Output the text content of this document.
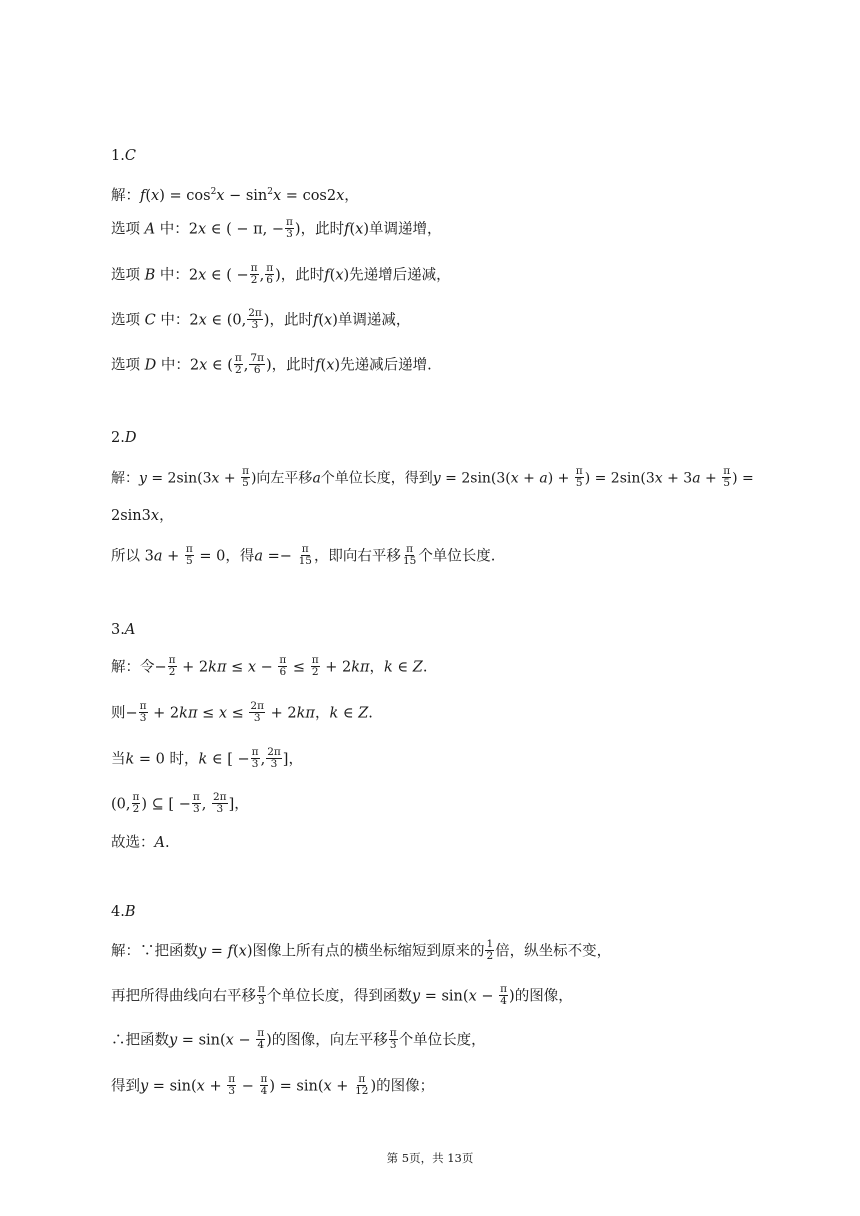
1.C
解：$f(x) = \cos^2x - \sin^2x = \cos 2x$，
选项 A 中：2x ∈ ( − π, − $\frac{\pi}{3}$ )，此时f(x)单调递增，
选项 B 中：2x ∈ ( − $\frac{\pi}{2}$ , $\frac{\pi}{6}$ )，此时f(x)先递增后递减，
选项 C 中：2x ∈ (0, $\frac{2\pi}{3}$ )，此时f(x)单调递减，
选项 D 中：2x ∈ ( $\frac{\pi}{2}$ , $\frac{7\pi}{6}$ )，此时f(x)先递减后递增.
2.D
解：$y = 2\sin(3x + \frac{\pi}{5}$ )向左平移a个单位长度，得到$y = 2\sin(3(x + a) + \frac{\pi}{5}$ ) = $2\sin(3x + 3a + \frac{\pi}{5}$ ) =
2sin3x，
所以 $3a + \frac{\pi}{5} = 0$，得$a =- \frac{\pi}{15}$ ，即向右平移 $\frac{\pi}{15}$ 个单位长度.
3.A
解：令− $\frac{\pi}{2} + 2k\pi \le x - \frac{\pi}{6} \le \frac{\pi}{2} + 2k\pi$，k ∈ Z.
则− $\frac{\pi}{3} + 2k\pi \le x \le \frac{2\pi}{3} + 2k\pi$，k ∈ Z.
当k = 0 时，k ∈ [ − $\frac{\pi}{3}$ , $\frac{2\pi}{3}$ ]，
(0, $\frac{\pi}{2}$ ) ⊆ [ − $\frac{\pi}{3}$ , $\frac{2\pi}{3}$ ]，
故选：A.
4.B
解：∵把函数y = f(x)图像上所有点的横坐标缩短到原来的 $\frac{1}{2}$ 倍，纵坐标不变，
再把所得曲线向右平移 $\frac{\pi}{3}$ 个单位长度，得到函数$y = \sin(x - \frac{\pi}{4}$ )的图像，
∴把函数$y = \sin(x - \frac{\pi}{4}$ )的图像，向左平移 $\frac{\pi}{3}$ 个单位长度，
得到$y = \sin(x + \frac{\pi}{3} - \frac{\pi}{4}$ ) = $\sin(x + \frac{\pi}{12}$ )的图像；
第 5页，共 13页
